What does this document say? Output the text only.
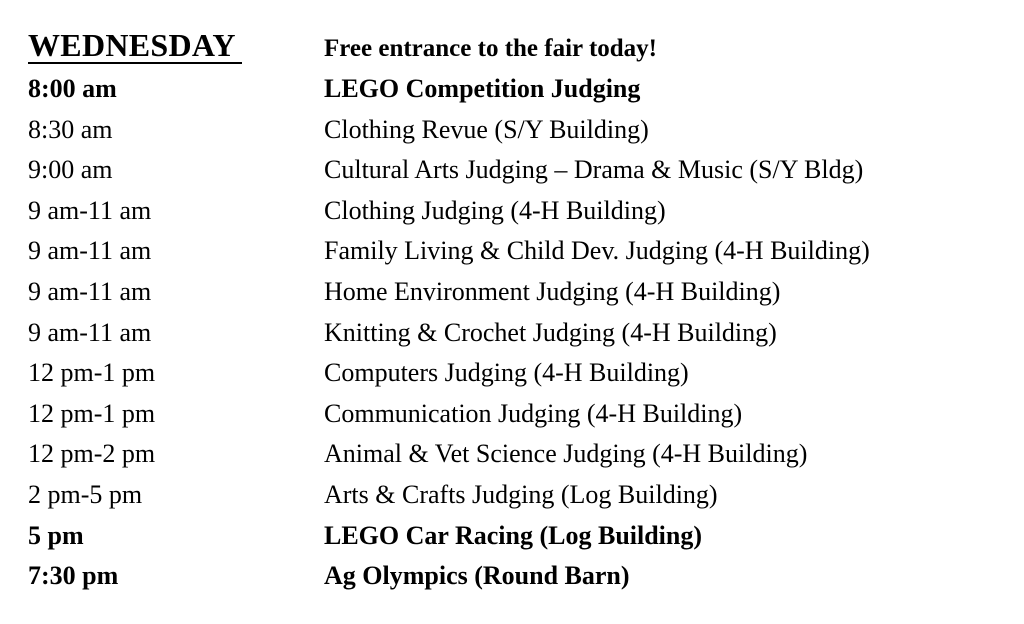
WEDNESDAY	Free entrance to the fair today!
8:00 am	LEGO Competition Judging
8:30 am	Clothing Revue (S/Y Building)
9:00 am	Cultural Arts Judging – Drama & Music (S/Y Bldg)
9 am-11 am	Clothing Judging (4-H Building)
9 am-11 am	Family Living & Child Dev. Judging (4-H Building)
9 am-11 am	Home Environment Judging (4-H Building)
9 am-11 am	Knitting & Crochet Judging (4-H Building)
12 pm-1 pm	Computers Judging (4-H Building)
12 pm-1 pm	Communication Judging (4-H Building)
12 pm-2 pm	Animal & Vet Science Judging (4-H Building)
2 pm-5 pm	Arts & Crafts Judging (Log Building)
5 pm	LEGO Car Racing (Log Building)
7:30 pm	Ag Olympics (Round Barn)
